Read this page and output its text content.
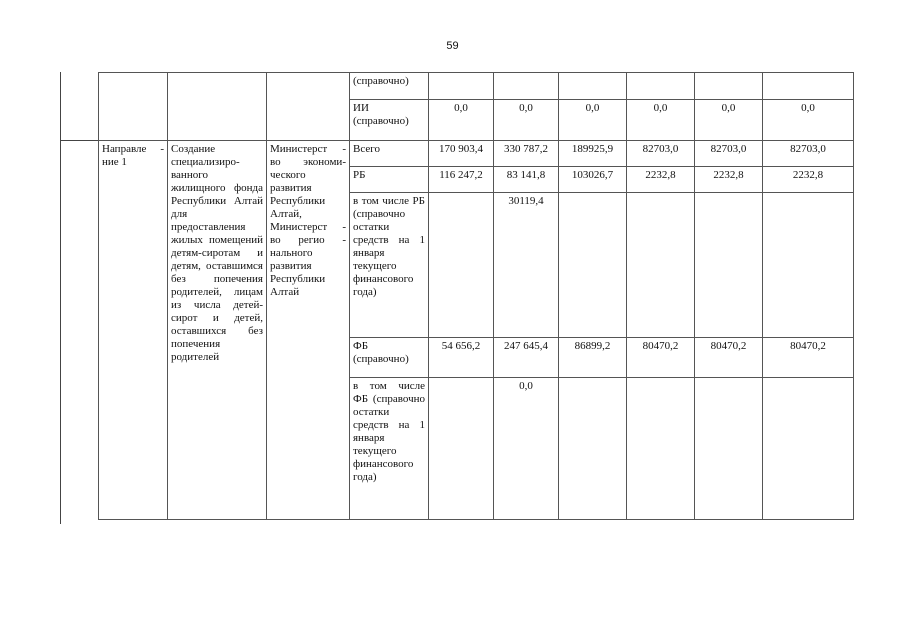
59
			(справочно)						
			ИИ (справочно)	0,0	0,0	0,0	0,0	0,0	0,0
Направле - ние 1	Создание специализиро-ванного жилищного фонда Республики Алтай для предоставления жилых помещений детям-сиротам и детям, оставшимся без попечения родителей, лицам из числа детей-сирот и детей, оставшихся без попечения родителей	Министерст - во экономи-ческого развития Республики Алтай, Министерст - во регио - нального развития Республики Алтай	Всего	170 903,4	330 787,2	189925,9	82703,0	82703,0	82703,0
			РБ	116 247,2	83 141,8	103026,7	2232,8	2232,8	2232,8
			в том числе РБ (справочно остатки средств на 1 января текущего финансового года)		30119,4				
			ФБ (справочно)	54 656,2	247 645,4	86899,2	80470,2	80470,2	80470,2
			в том числе ФБ (справочно остатки средств на 1 января текущего финансового года)		0,0				
